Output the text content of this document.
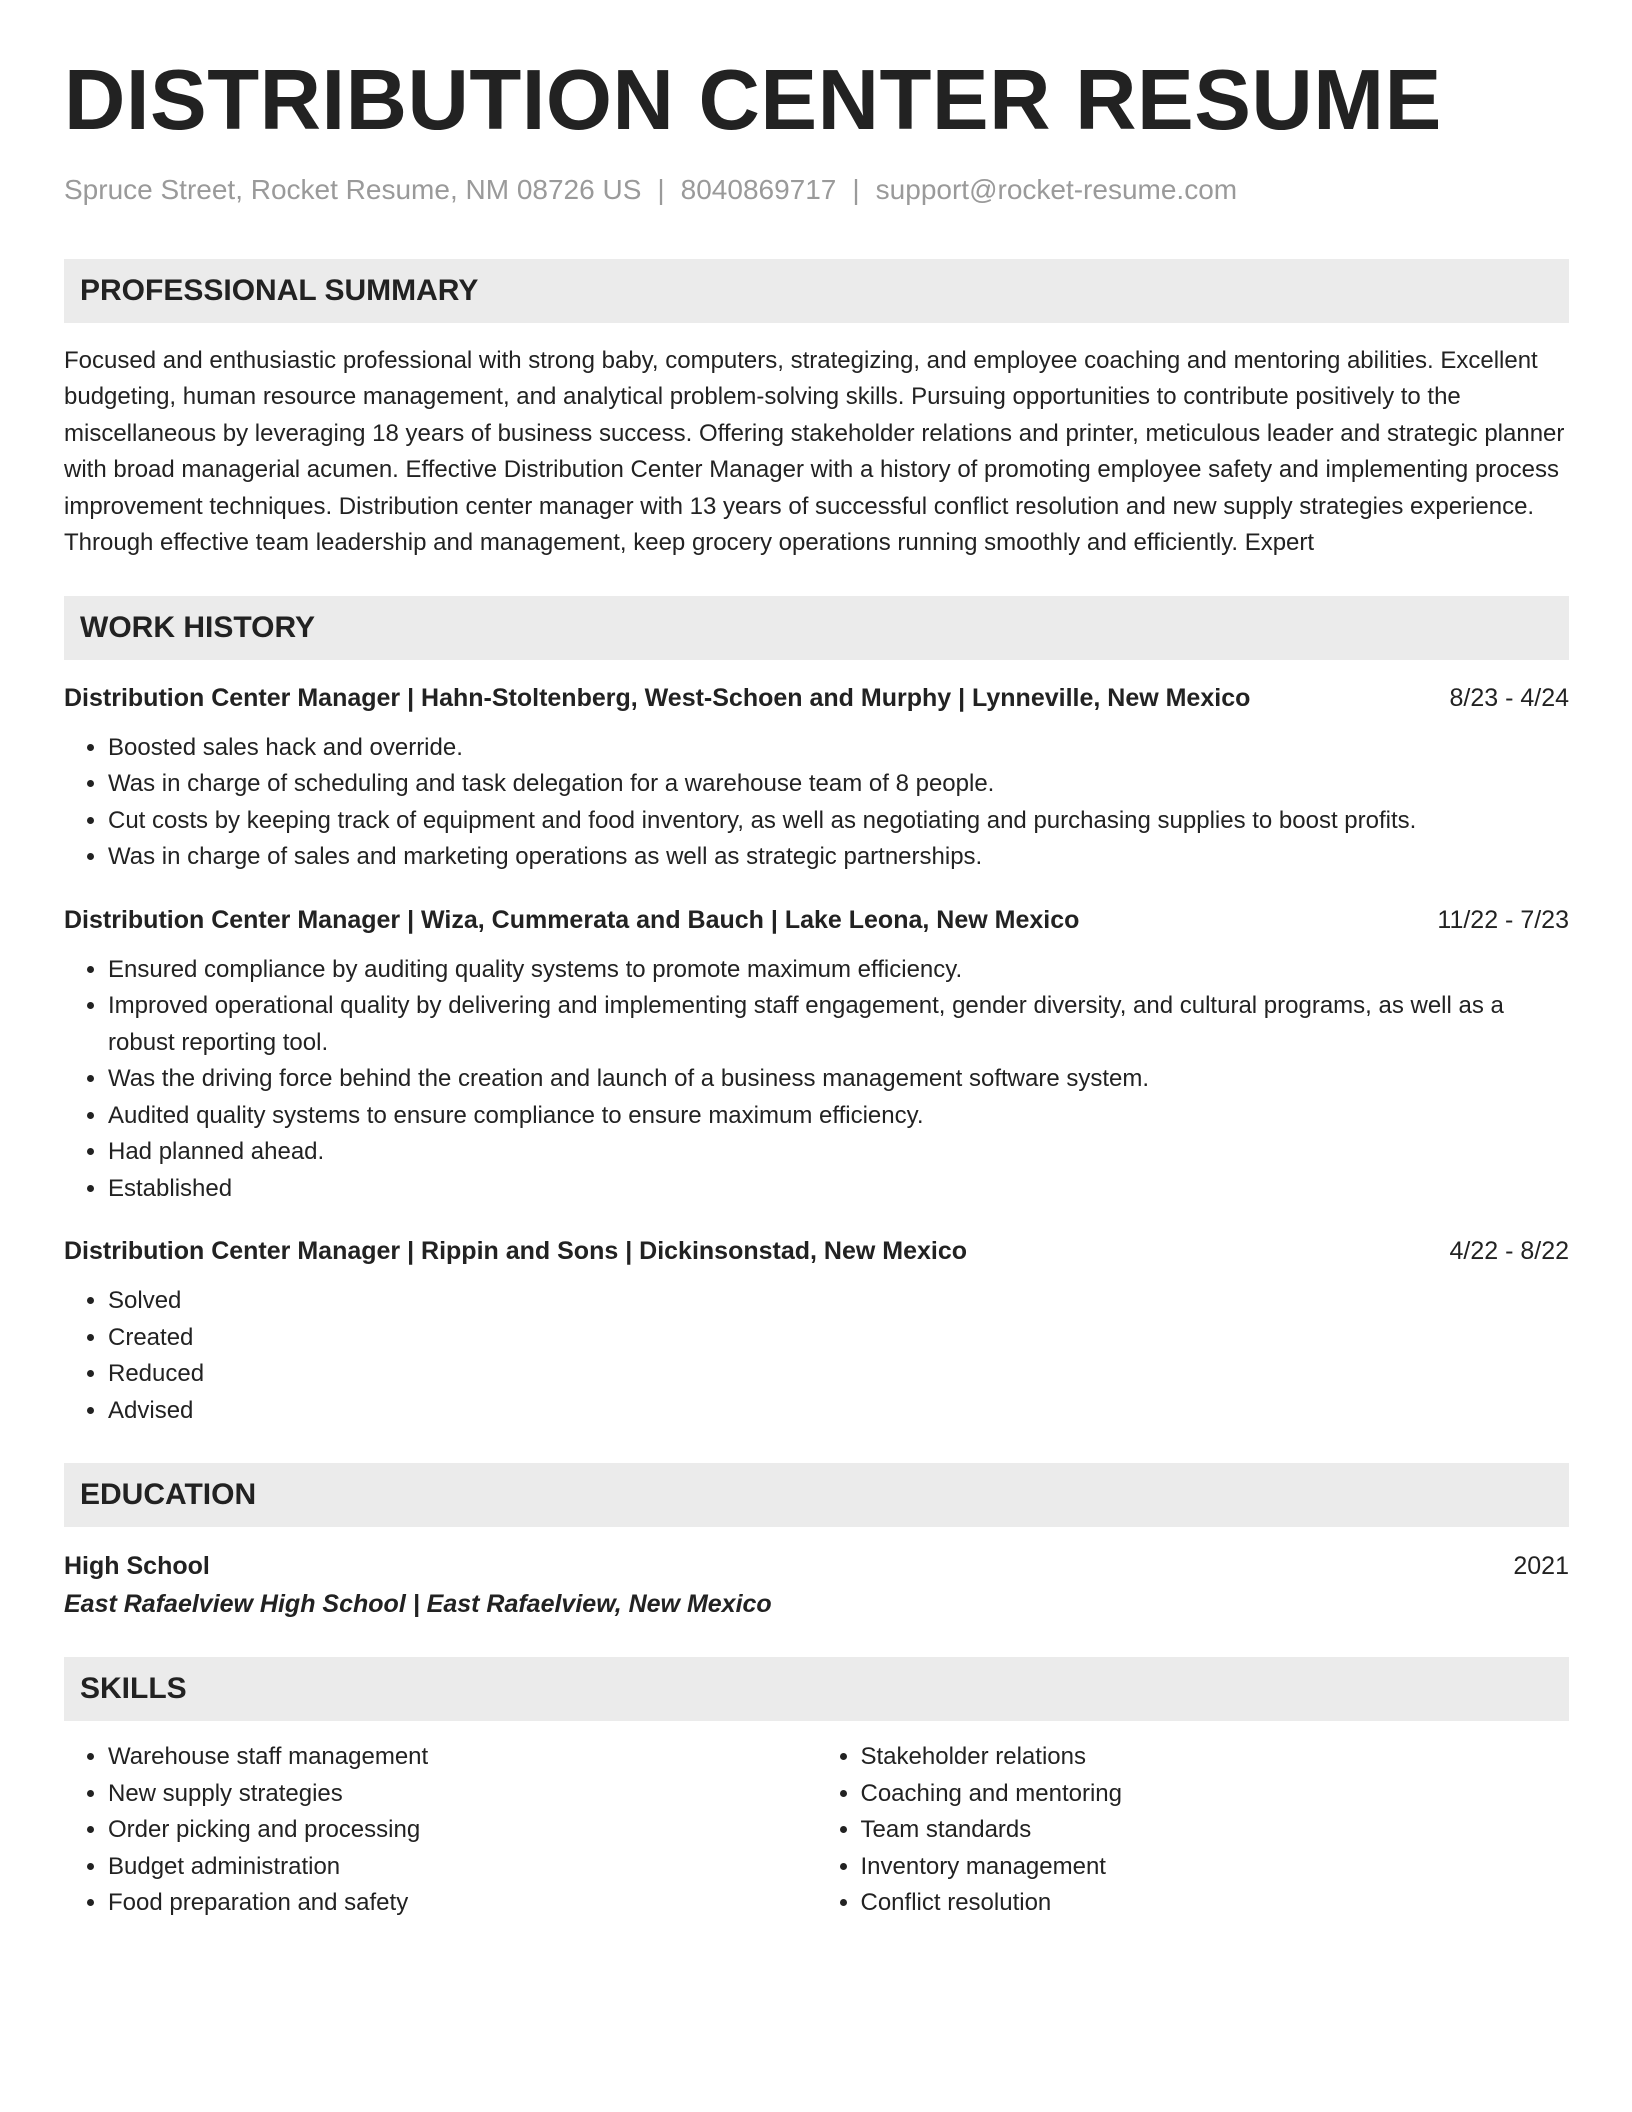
DISTRIBUTION CENTER RESUME
Spruce Street, Rocket Resume, NM 08726 US | 8040869717 | support@rocket-resume.com
PROFESSIONAL SUMMARY
Focused and enthusiastic professional with strong baby, computers, strategizing, and employee coaching and mentoring abilities. Excellent budgeting, human resource management, and analytical problem-solving skills. Pursuing opportunities to contribute positively to the miscellaneous by leveraging 18 years of business success. Offering stakeholder relations and printer, meticulous leader and strategic planner with broad managerial acumen. Effective Distribution Center Manager with a history of promoting employee safety and implementing process improvement techniques. Distribution center manager with 13 years of successful conflict resolution and new supply strategies experience. Through effective team leadership and management, keep grocery operations running smoothly and efficiently. Expert
WORK HISTORY
Distribution Center Manager | Hahn-Stoltenberg, West-Schoen and Murphy | Lynneville, New Mexico	8/23 - 4/24
• Boosted sales hack and override.
• Was in charge of scheduling and task delegation for a warehouse team of 8 people.
• Cut costs by keeping track of equipment and food inventory, as well as negotiating and purchasing supplies to boost profits.
• Was in charge of sales and marketing operations as well as strategic partnerships.
Distribution Center Manager | Wiza, Cummerata and Bauch | Lake Leona, New Mexico	11/22 - 7/23
• Ensured compliance by auditing quality systems to promote maximum efficiency.
• Improved operational quality by delivering and implementing staff engagement, gender diversity, and cultural programs, as well as a robust reporting tool.
• Was the driving force behind the creation and launch of a business management software system.
• Audited quality systems to ensure compliance to ensure maximum efficiency.
• Had planned ahead.
• Established
Distribution Center Manager | Rippin and Sons | Dickinsonstad, New Mexico	4/22 - 8/22
• Solved
• Created
• Reduced
• Advised
EDUCATION
High School	2021
East Rafaelview High School | East Rafaelview, New Mexico
SKILLS
• Warehouse staff management
• New supply strategies
• Order picking and processing
• Budget administration
• Food preparation and safety
• Stakeholder relations
• Coaching and mentoring
• Team standards
• Inventory management
• Conflict resolution
